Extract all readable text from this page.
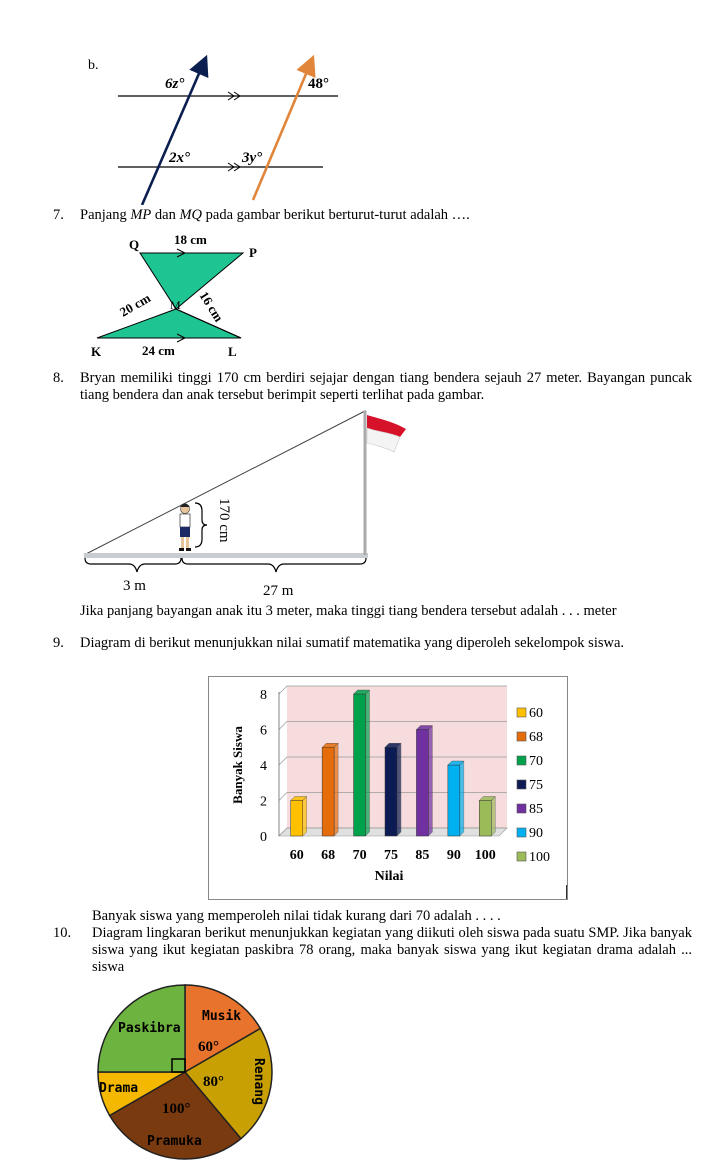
b.
6z°	48°
2x°	3y°
7. Panjang MP dan MQ pada gambar berikut berturut-turut adalah ….
Q
P
M
K	L
18 cm
24 cm
20 cm	16 cm
8. Bryan memiliki tinggi 170 cm berdiri sejajar dengan tiang bendera sejauh 27 meter. Bayangan puncak tiang bendera dan anak tersebut berimpit seperti terlihat pada gambar.
170 cm
3 m	27 m
Jika panjang bayangan anak itu 3 meter, maka tinggi tiang bendera tersebut adalah . . . meter
9. Diagram di berikut menunjukkan nilai sumatif matematika yang diperoleh sekelompok siswa.
0
2
4
6
8
Banyak Siswa
60 68 70 75 85 90 100
Nilai
60
68
70
75
85
90
100
Banyak siswa yang memperoleh nilai tidak kurang dari 70 adalah . . . .
10. Diagram lingkaran berikut menunjukkan kegiatan yang diikuti oleh siswa pada suatu SMP. Jika banyak siswa yang ikut kegiatan paskibra 78 orang, maka banyak siswa yang ikut kegiatan drama adalah ... siswa
Paskibra
Musik
60°
Renang
80°
Drama
100°
Pramuka
